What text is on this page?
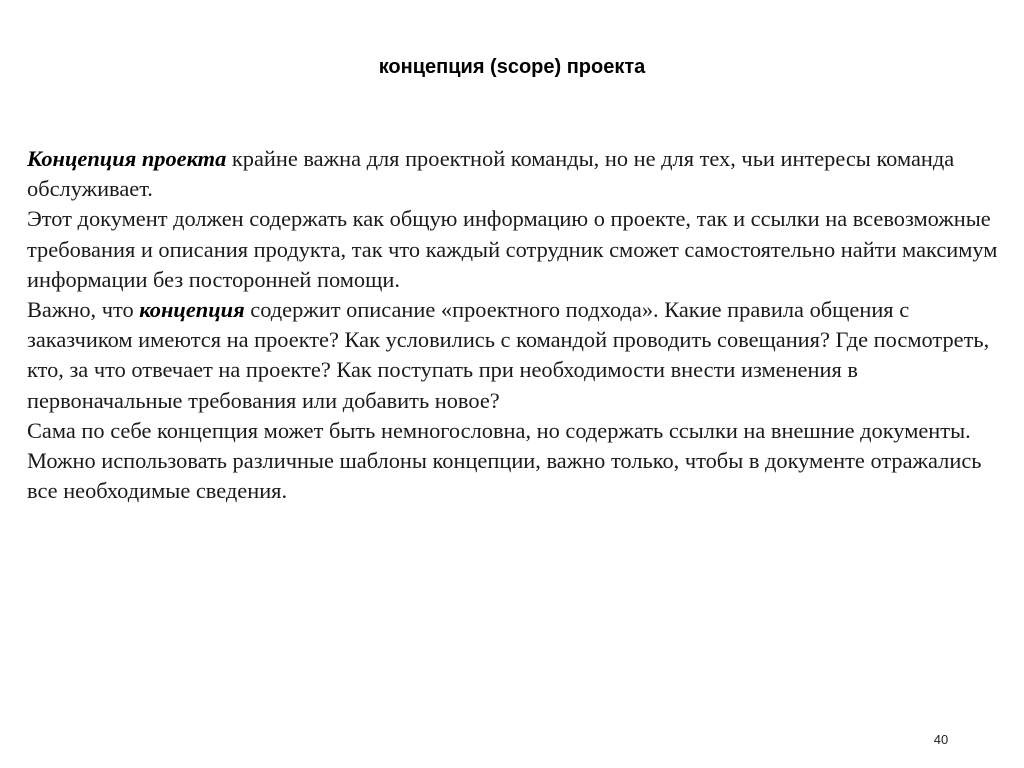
концепция (scope) проекта

Концепция проекта крайне важна для проектной команды, но не для тех, чьи интересы команда обслуживает.

Этот документ должен содержать как общую информацию о проекте, так и ссылки на всевозможные требования и описания продукта, так что каждый сотрудник сможет самостоятельно найти максимум информации без посторонней помощи.

Важно, что концепция содержит описание «проектного подхода». Какие правила общения с заказчиком имеются на проекте? Как условились с командой проводить совещания? Где посмотреть, кто, за что отвечает на проекте? Как поступать при необходимости внести изменения в первоначальные требования или добавить новое?

Сама по себе концепция может быть немногословна, но содержать ссылки на внешние документы.

Можно использовать различные шаблоны концепции, важно только, чтобы в документе отражались все необходимые сведения.

40
